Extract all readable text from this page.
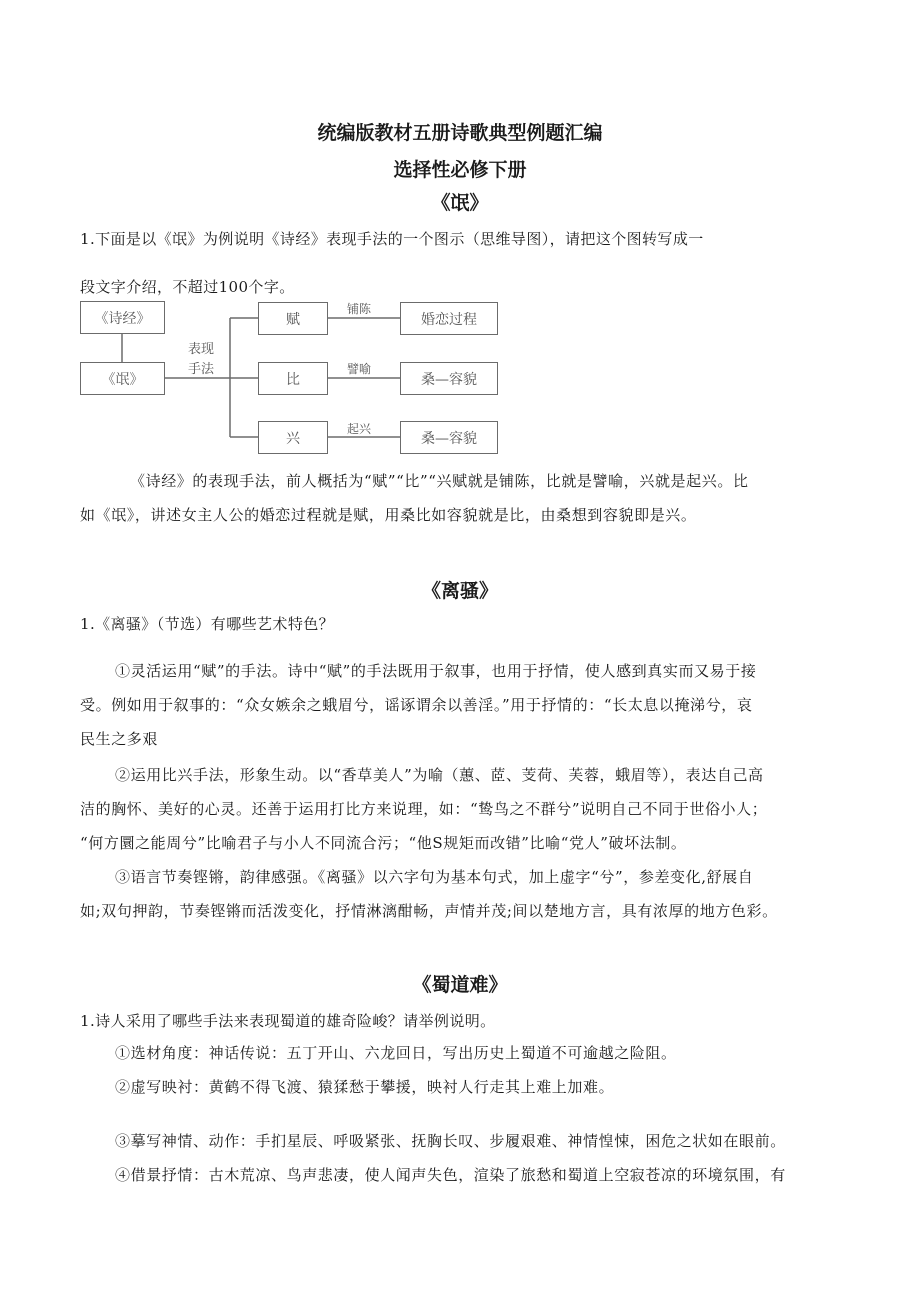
统编版教材五册诗歌典型例题汇编
选择性必修下册
《氓》
1.下面是以《氓》为例说明《诗经》表现手法的一个图示（思维导图），请把这个图转写成一
段文字介绍，不超过100个字。
《诗经》
《氓》
表现手法
赋
比
兴
铺陈
譬喻
起兴
婚恋过程
桑—容貌
桑—容貌
《诗经》的表现手法，前人概括为“赋”“比”“兴赋就是铺陈，比就是譬喻，兴就是起兴。比
如《氓》，讲述女主人公的婚恋过程就是赋，用桑比如容貌就是比，由桑想到容貌即是兴。
《离骚》
1.《离骚》（节选）有哪些艺术特色？
①灵活运用“赋”的手法。诗中“赋”的手法既用于叙事，也用于抒情，使人感到真实而又易于接
受。例如用于叙事的：“众女嫉余之蛾眉兮，谣诼谓余以善淫。”用于抒情的：“长太息以掩涕兮，哀
民生之多艰
②运用比兴手法，形象生动。以“香草美人”为喻（蕙、茝、芰荷、芙蓉，蛾眉等），表达自己高
洁的胸怀、美好的心灵。还善于运用打比方来说理，如：“鸷鸟之不群兮”说明自己不同于世俗小人；
“何方圜之能周兮”比喻君子与小人不同流合污；“他S规矩而改错”比喻“党人”破坏法制。
③语言节奏铿锵，韵律感强。《离骚》以六字句为基本句式，加上虚字“兮”，参差变化,舒展自
如;双句押韵，节奏铿锵而活泼变化，抒情淋漓酣畅，声情并茂;间以楚地方言，具有浓厚的地方色彩。
《蜀道难》
1.诗人采用了哪些手法来表现蜀道的雄奇险峻？请举例说明。
①选材角度：神话传说：五丁开山、六龙回日，写出历史上蜀道不可逾越之险阻。
②虚写映衬：黄鹤不得飞渡、猿猱愁于攀援，映衬人行走其上难上加难。
③摹写神情、动作：手扪星辰、呼吸紧张、抚胸长叹、步履艰难、神情惶悚，困危之状如在眼前。
④借景抒情：古木荒凉、鸟声悲凄，使人闻声失色，渲染了旅愁和蜀道上空寂苍凉的环境氛围，有
